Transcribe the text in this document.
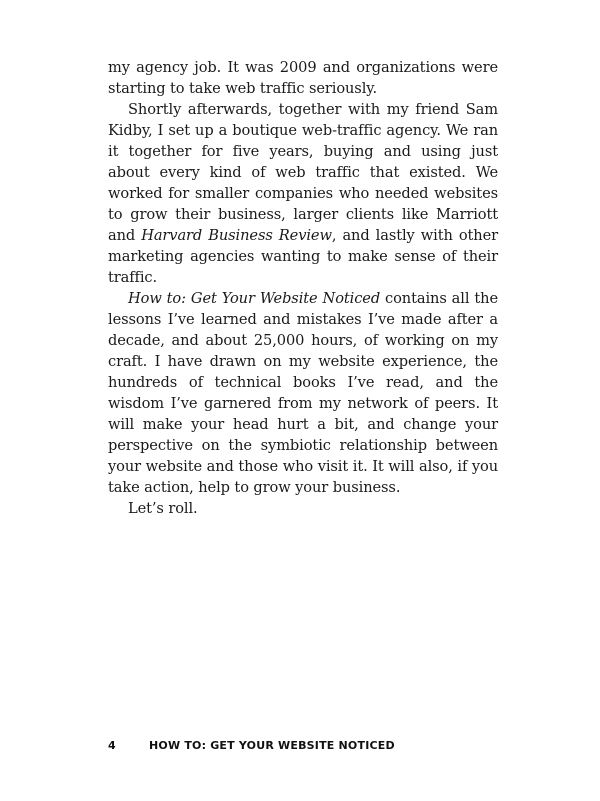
my agency job. It was 2009 and organizations were starting to take web traffic seriously.

Shortly afterwards, together with my friend Sam Kidby, I set up a boutique web-traffic agency. We ran it together for five years, buying and using just about every kind of web traffic that existed. We worked for smaller companies who needed websites to grow their business, larger clients like Marriott and Harvard Business Review, and lastly with other marketing agencies wanting to make sense of their traffic.

How to: Get Your Website Noticed contains all the lessons I’ve learned and mistakes I’ve made after a decade, and about 25,000 hours, of working on my craft. I have drawn on my website experience, the hundreds of technical books I’ve read, and the wisdom I’ve garnered from my network of peers. It will make your head hurt a bit, and change your perspective on the symbiotic relationship between your website and those who visit it. It will also, if you take action, help to grow your business.

Let’s roll.

4	HOW TO: GET YOUR WEBSITE NOTICED
